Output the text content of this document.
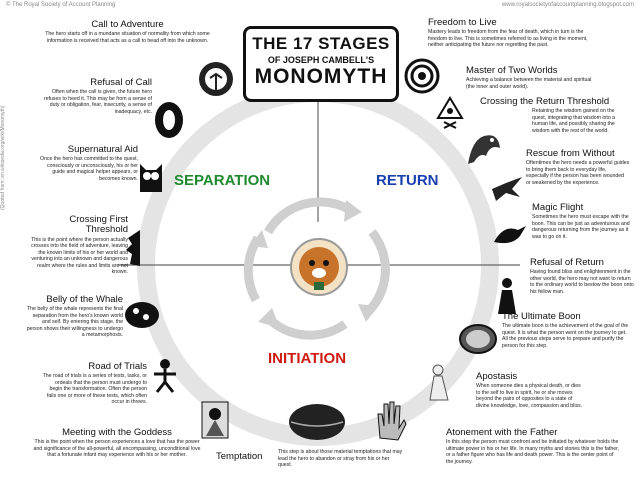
© The Royal Society of Account Planning	www.royalsocietyofaccountplanning.blogspot.com
(Quoted from: en.wikipedia.org/wiki/Monomyth)
THE 17 STAGES
OF JOSEPH CAMBELL'S
MONOMYTH
SEPARATION	RETURN
INITIATION
Call to Adventure

The hero starts off in a mundane situation of normality from which some information is received that acts as a call to head off into the unknown.

Refusal of Call

Often when the call is given, the future hero refuses to heed it. This may be from a sense of duty or obligation, fear, insecurity, a sense of inadequacy, etc.

Supernatural Aid

Once the hero has committed to the quest, consciously or unconsciously, his or her guide and magical helper appears, or becomes known.

Crossing First Threshold

This is the point where the person actually crosses into the field of adventure, leaving the known limits of his or her world and venturing into an unknown and dangerous realm where the rules and limits are not known.

Belly of the Whale

The belly of the whale represents the final separation from the hero's known world and self. By entering this stage, the person shows their willingness to undergo a metamorphosis.

Road of Trials

The road of trials is a series of tests, tasks, or ordeals that the person must undergo to begin the transformation. Often the person fails one or more of these tests, which often occur in threes.

Meeting with the Goddess

This is the point when the person experiences a love that has the power and significance of the all-powerful, all encompassing, unconditional love that a fortunate infant may experience with his or her mother.	Temptation	This step is about those material temptations that may lead the hero to abandon or stray from his or her quest.

Freedom to Live

Mastery leads to freedom from the fear of death, which in turn is the freedom to live. This is sometimes referred to as living in the moment, neither anticipating the future nor regretting the past.

Master of Two Worlds

Achieving a balance between the material and spiritual (the inner and outer world).

Crossing the Return Threshold

Retaining the wisdom gained on the quest, integrating that wisdom into a human life, and possibly sharing the wisdom with the rest of the world.

Rescue from Without

Oftentimes the hero needs a powerful guides to bring them back to everyday life, especially if the person has been wounded or weakened by the experience.

Magic Flight

Sometimes the hero must escape with the boon. This can be just as adventurous and dangerous returning from the journey as it was to go on it.

Refusal of Return

Having found bliss and enlightenment in the other world, the hero may not want to return to the ordinary world to bestow the boon onto his fellow man.

The Ultimate Boon

The ultimate boon is the achievement of the goal of the quest. It is what the person went on the journey to get. All the previous steps serve to prepare and purify the person for this step.

Apostasis

When someone dies a physical death, or dies to the self to live in spirit, he or she moves beyond the pairs of opposites to a state of divine knowledge, love, compassion and bliss.

Atonement with the Father

In this step the person must confront and be initiated by whatever holds the ultimate power in his or her life. In many myths and stories this is the father, or a father figure who has life and death power. This is the center point of the journey.
